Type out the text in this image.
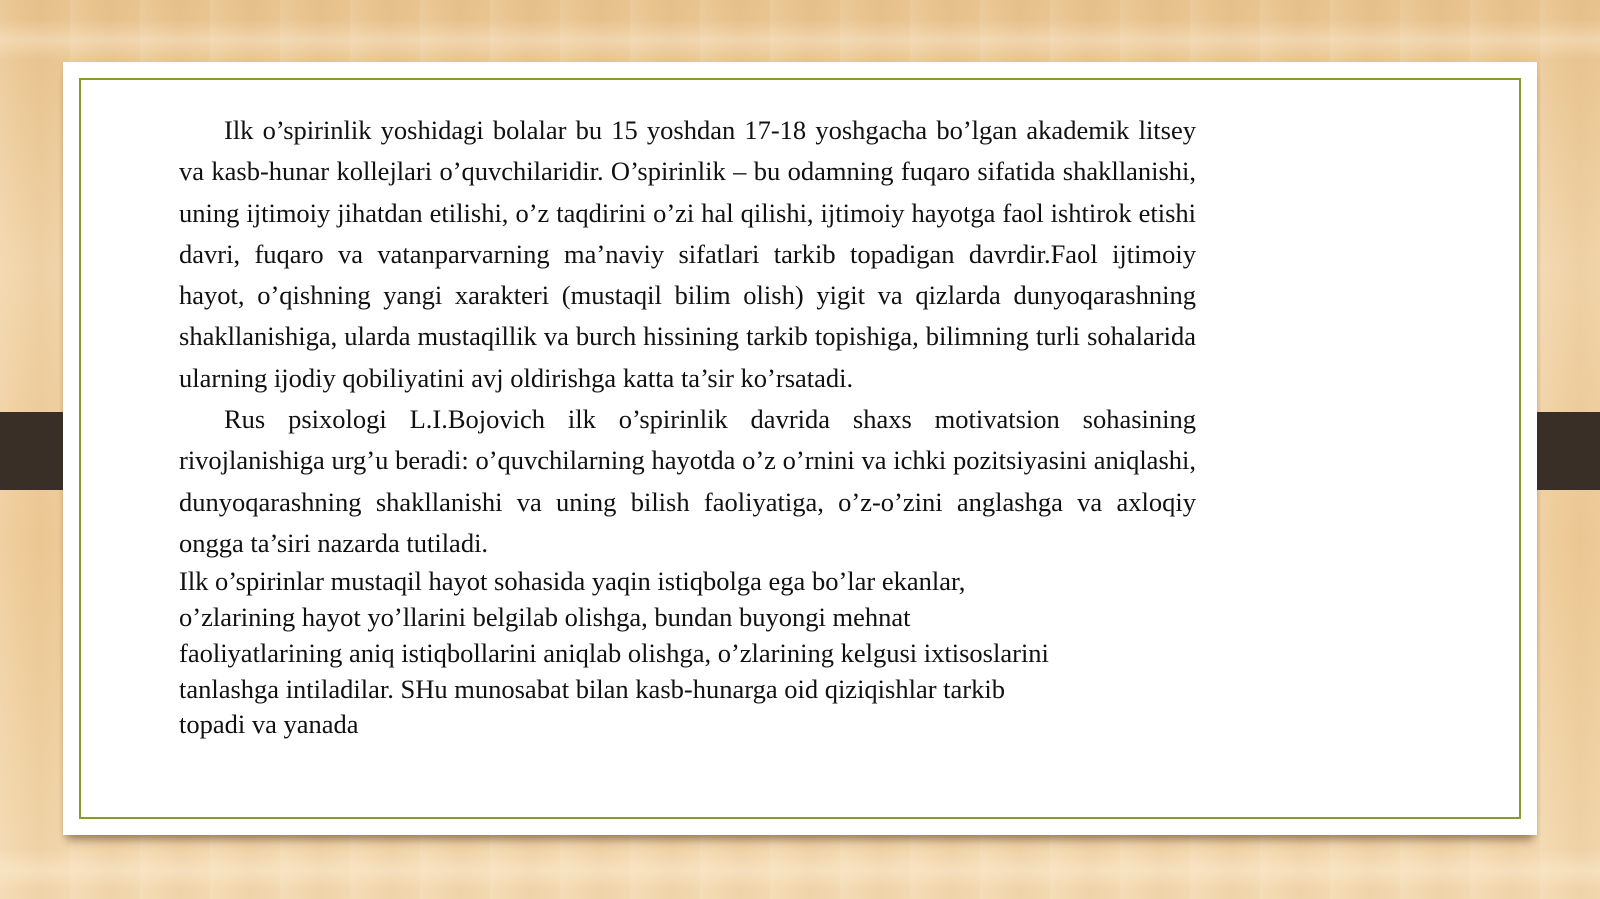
Ilk o’spirinlik yoshidagi bolalar bu 15 yoshdan 17-18 yoshgacha bo’lgan akademik litsey va kasb-hunar kollejlari o’quvchilaridir. O’spirinlik – bu odamning fuqaro sifatida shakllanishi, uning ijtimoiy jihatdan etilishi, o’z taqdirini o’zi hal qilishi, ijtimoiy hayotga faol ishtirok etishi davri, fuqaro va vatanparvarning ma’naviy sifatlari tarkib topadigan davrdir.Faol ijtimoiy hayot, o’qishning yangi xarakteri (mustaqil bilim olish) yigit va qizlarda dunyoqarashning shakllanishiga, ularda mustaqillik va burch hissining tarkib topishiga, bilimning turli sohalarida ularning ijodiy qobiliyatini avj oldirishga katta ta’sir ko’rsatadi.

Rus psixologi L.I.Bojovich ilk o’spirinlik davrida shaxs motivatsion sohasining rivojlanishiga urg’u beradi: o’quvchilarning hayotda o’z o’rnini va ichki pozitsiyasini aniqlashi, dunyoqarashning shakllanishi va uning bilish faoliyatiga, o’z-o’zini anglashga va axloqiy ongga ta’siri nazarda tutiladi.

Ilk o’spirinlar mustaqil hayot sohasida yaqin istiqbolga ega bo’lar ekanlar,
o’zlarining hayot yo’llarini belgilab olishga, bundan buyongi mehnat
faoliyatlarining aniq istiqbollarini aniqlab olishga, o’zlarining kelgusi ixtisoslarini
tanlashga intiladilar. SHu munosabat bilan kasb-hunarga oid qiziqishlar tarkib
topadi va yanada
